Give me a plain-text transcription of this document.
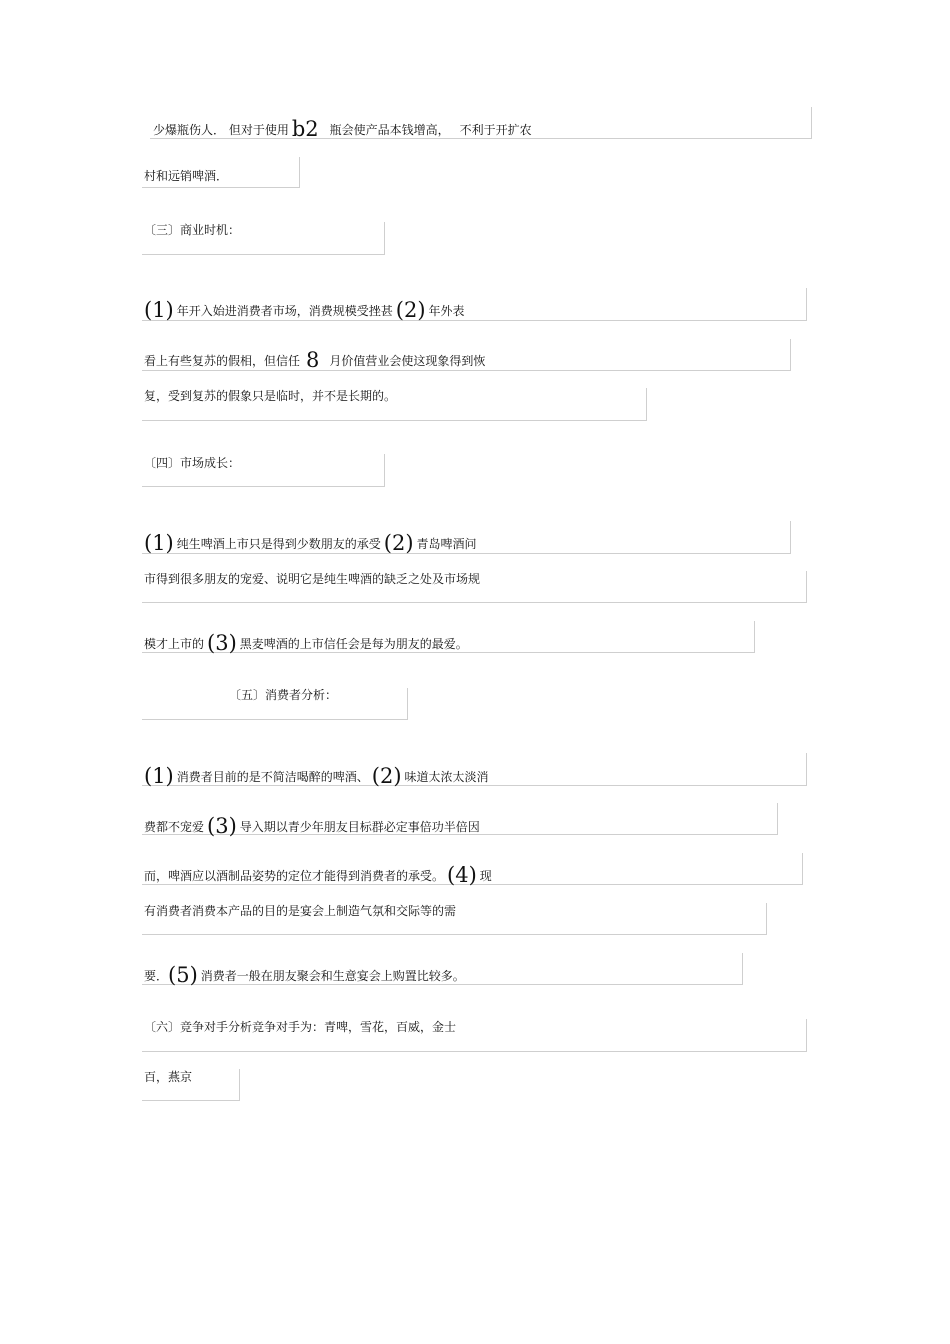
少爆瓶伤人． 但对于使用 b2 瓶会使产品本钱增高， 不利于开扩农
村和远销啤酒．
〔三〕商业时机：
(1) 年开入始进消费者市场，消费规模受挫甚 (2) 年外表
看上有些复苏的假相，但信任 8 月价值营业会使这现象得到恢
复，受到复苏的假象只是临时，并不是长期的。
〔四〕市场成长：
(1) 纯生啤酒上市只是得到少数朋友的承受 (2) 青岛啤酒问
市得到很多朋友的宠爱、说明它是纯生啤酒的缺乏之处及市场规
模才上市的 (3) 黑麦啤酒的上市信任会是每为朋友的最爱。
〔五〕消费者分析：
(1) 消费者目前的是不简洁喝醉的啤酒、 (2) 味道太浓太淡消
费都不宠爱 (3) 导入期以青少年朋友目标群必定事倍功半倍因
而，啤酒应以酒制品姿势的定位才能得到消费者的承受。 (4) 现
有消费者消费本产品的目的是宴会上制造气氛和交际等的需
要．(5) 消费者一般在朋友聚会和生意宴会上购置比较多。
〔六〕竞争对手分析竞争对手为：青啤，雪花，百威，金士
百，燕京
